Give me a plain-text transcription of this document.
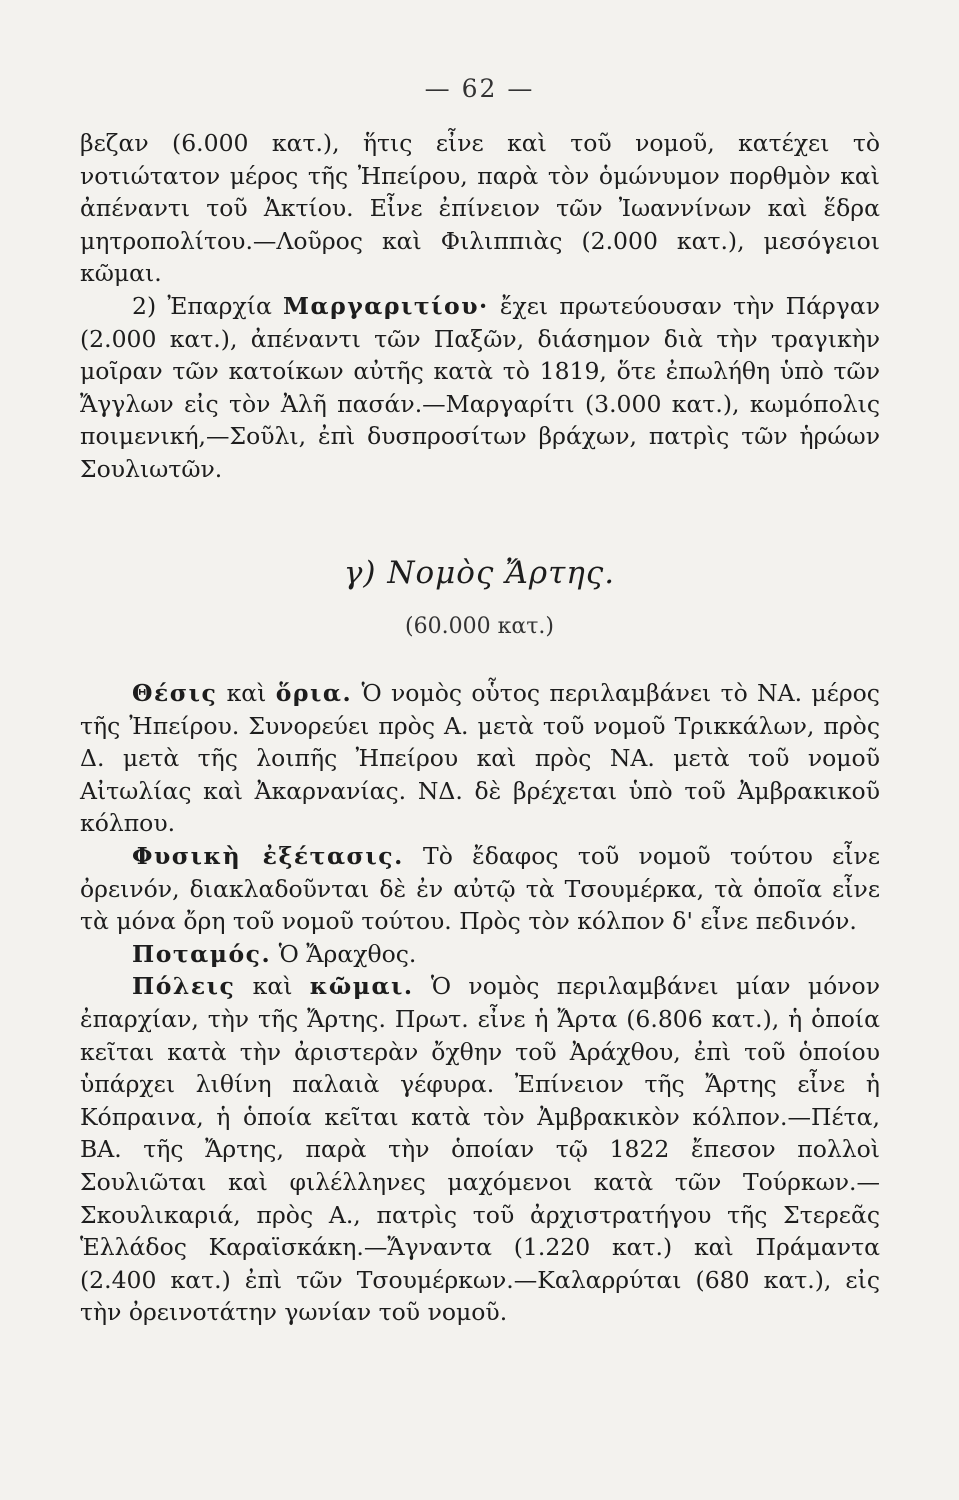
— 62 —

βεζαν (6.000 κατ.), ἥτις εἶνε καὶ τοῦ νομοῦ, κατέχει τὸ νοτιώτατον μέρος τῆς Ἠπείρου, παρὰ τὸν ὁμώνυμον πορθμὸν καὶ ἀπέναντι τοῦ Ἀκτίου. Εἶνε ἐπίνειον τῶν Ἰωαννίνων καὶ ἕδρα μητροπολίτου.—Λοῦρος καὶ Φιλιππιὰς (2.000 κατ.), μεσόγειοι κῶμαι.

2) Ἐπαρχία Μαργαριτίου· ἔχει πρωτεύουσαν τὴν Πάργαν (2.000 κατ.), ἀπέναντι τῶν Παξῶν, διάσημον διὰ τὴν τραγικὴν μοῖραν τῶν κατοίκων αὐτῆς κατὰ τὸ 1819, ὅτε ἐπωλήθη ὑπὸ τῶν Ἄγγλων εἰς τὸν Ἀλῆ πασάν.—Μαργαρίτι (3.000 κατ.), κωμόπολις ποιμενική,—Σοῦλι, ἐπὶ δυσπροσίτων βράχων, πατρὶς τῶν ἡρώων Σουλιωτῶν.

γ) Νομὸς Ἄρτης.
(60.000 κατ.)

Θέσις καὶ ὅρια. Ὁ νομὸς οὗτος περιλαμβάνει τὸ ΝΑ. μέρος τῆς Ἠπείρου. Συνορεύει πρὸς Α. μετὰ τοῦ νομοῦ Τρικκάλων, πρὸς Δ. μετὰ τῆς λοιπῆς Ἠπείρου καὶ πρὸς ΝΑ. μετὰ τοῦ νομοῦ Αἰτωλίας καὶ Ἀκαρνανίας. ΝΔ. δὲ βρέχεται ὑπὸ τοῦ Ἀμβρακικοῦ κόλπου.

Φυσικὴ ἐξέτασις. Τὸ ἔδαφος τοῦ νομοῦ τούτου εἶνε ὀρεινόν, διακλαδοῦνται δὲ ἐν αὐτῷ τὰ Τσουμέρκα, τὰ ὁποῖα εἶνε τὰ μόνα ὄρη τοῦ νομοῦ τούτου. Πρὸς τὸν κόλπον δ' εἶνε πεδινόν.

Ποταμός. Ὁ Ἄραχθος.

Πόλεις καὶ κῶμαι. Ὁ νομὸς περιλαμβάνει μίαν μόνον ἐπαρχίαν, τὴν τῆς Ἄρτης. Πρωτ. εἶνε ἡ Ἄρτα (6.806 κατ.), ἡ ὁποία κεῖται κατὰ τὴν ἀριστερὰν ὄχθην τοῦ Ἀράχθου, ἐπὶ τοῦ ὁποίου ὑπάρχει λιθίνη παλαιὰ γέφυρα. Ἐπίνειον τῆς Ἄρτης εἶνε ἡ Κόπραινα, ἡ ὁποία κεῖται κατὰ τὸν Ἀμβρακικὸν κόλπον.—Πέτα, ΒΑ. τῆς Ἄρτης, παρὰ τὴν ὁποίαν τῷ 1822 ἔπεσον πολλοὶ Σουλιῶται καὶ φιλέλληνες μαχόμενοι κατὰ τῶν Τούρκων.—Σκουλικαριά, πρὸς Α., πατρὶς τοῦ ἀρχιστρατήγου τῆς Στερεᾶς Ἑλλάδος Καραϊσκάκη.—Ἄγναντα (1.220 κατ.) καὶ Πράμαντα (2.400 κατ.) ἐπὶ τῶν Τσουμέρκων.—Καλαρρύται (680 κατ.), εἰς τὴν ὀρεινοτάτην γωνίαν τοῦ νομοῦ.
